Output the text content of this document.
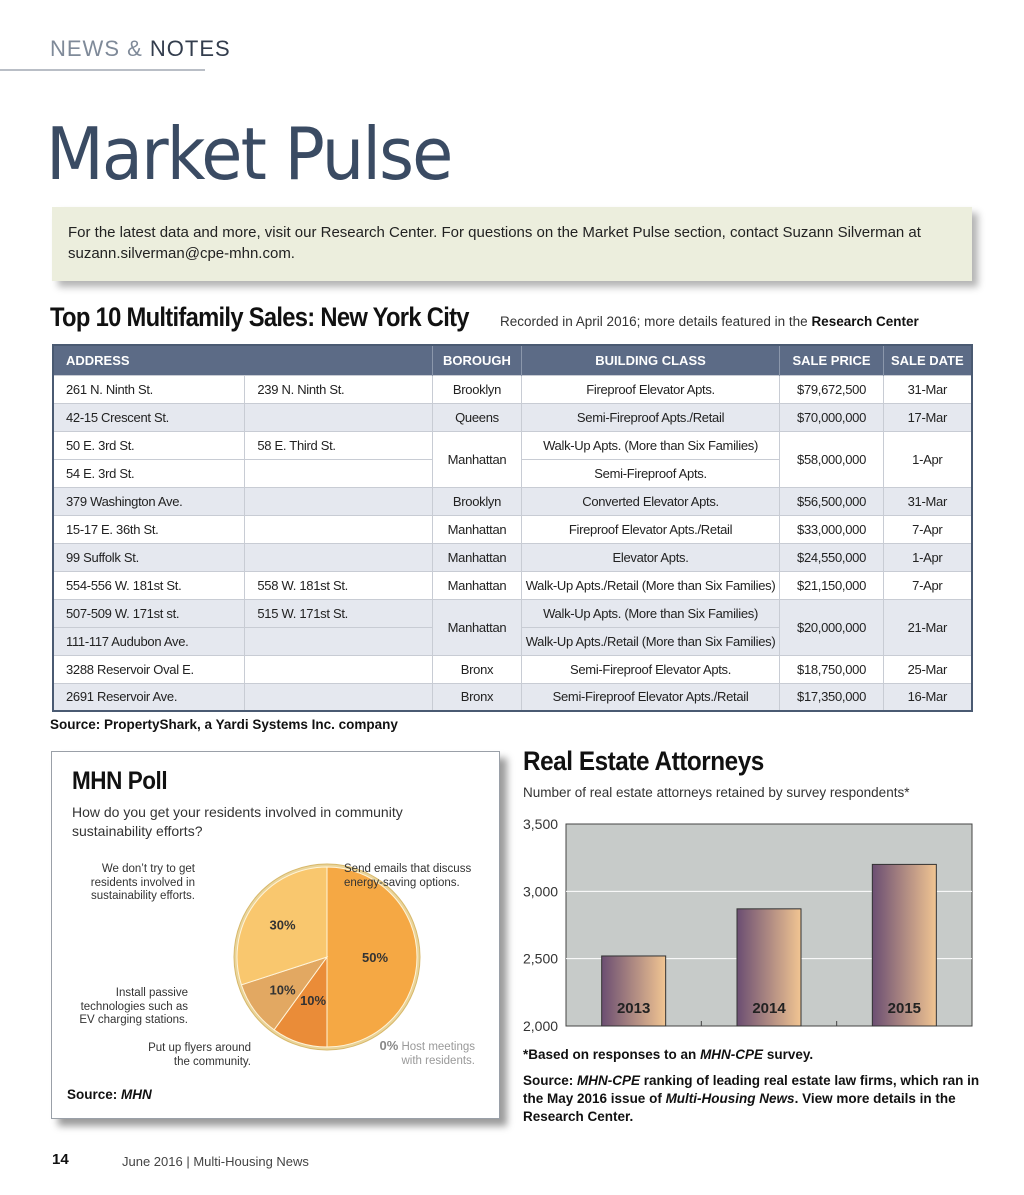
NEWS & NOTES
Market Pulse
For the latest data and more, visit our Research Center. For questions on the Market Pulse section, contact Suzann Silverman at suzann.silverman@cpe-mhn.com.
Top 10 Multifamily Sales: New York City Recorded in April 2016; more details featured in the Research Center
ADDRESS		BOROUGH	BUILDING CLASS	SALE PRICE	SALE DATE
261 N. Ninth St.	239 N. Ninth St.	Brooklyn	Fireproof Elevator Apts.	$79,672,500	31-Mar
42-15 Crescent St.		Queens	Semi-Fireproof Apts./Retail	$70,000,000	17-Mar
50 E. 3rd St.	58 E. Third St.	Manhattan	Walk-Up Apts. (More than Six Families)	$58,000,000	1-Apr
54 E. 3rd St.			Semi-Fireproof Apts.		
379 Washington Ave.		Brooklyn	Converted Elevator Apts.	$56,500,000	31-Mar
15-17 E. 36th St.		Manhattan	Fireproof Elevator Apts./Retail	$33,000,000	7-Apr
99 Suffolk St.		Manhattan	Elevator Apts.	$24,550,000	1-Apr
554-556 W. 181st St.	558 W. 181st St.	Manhattan	Walk-Up Apts./Retail (More than Six Families)	$21,150,000	7-Apr
507-509 W. 171st st.	515 W. 171st St.	Manhattan	Walk-Up Apts. (More than Six Families)	$20,000,000	21-Mar
111-117 Audubon Ave.			Walk-Up Apts./Retail (More than Six Families)		
3288 Reservoir Oval E.		Bronx	Semi-Fireproof Elevator Apts.	$18,750,000	25-Mar
2691 Reservoir Ave.		Bronx	Semi-Fireproof Elevator Apts./Retail	$17,350,000	16-Mar
Source: PropertyShark, a Yardi Systems Inc. company
MHN Poll
How do you get your residents involved in community sustainability efforts?
50%
10%
10%
30%
We don’t try to get residents involved in sustainability efforts.
Send emails that discuss energy-saving options.
Install passive technologies such as EV charging stations.
Put up flyers around the community.
0% Host meetings with residents.
Source: MHN
Real Estate Attorneys
Number of real estate attorneys retained by survey respondents*
2,000
2,500
3,000
3,500
2013	2014	2015
*Based on responses to an MHN-CPE survey.
Source: MHN-CPE ranking of leading real estate law firms, which ran in the May 2016 issue of Multi-Housing News. View more details in the Research Center.
14	June 2016 | Multi-Housing News
